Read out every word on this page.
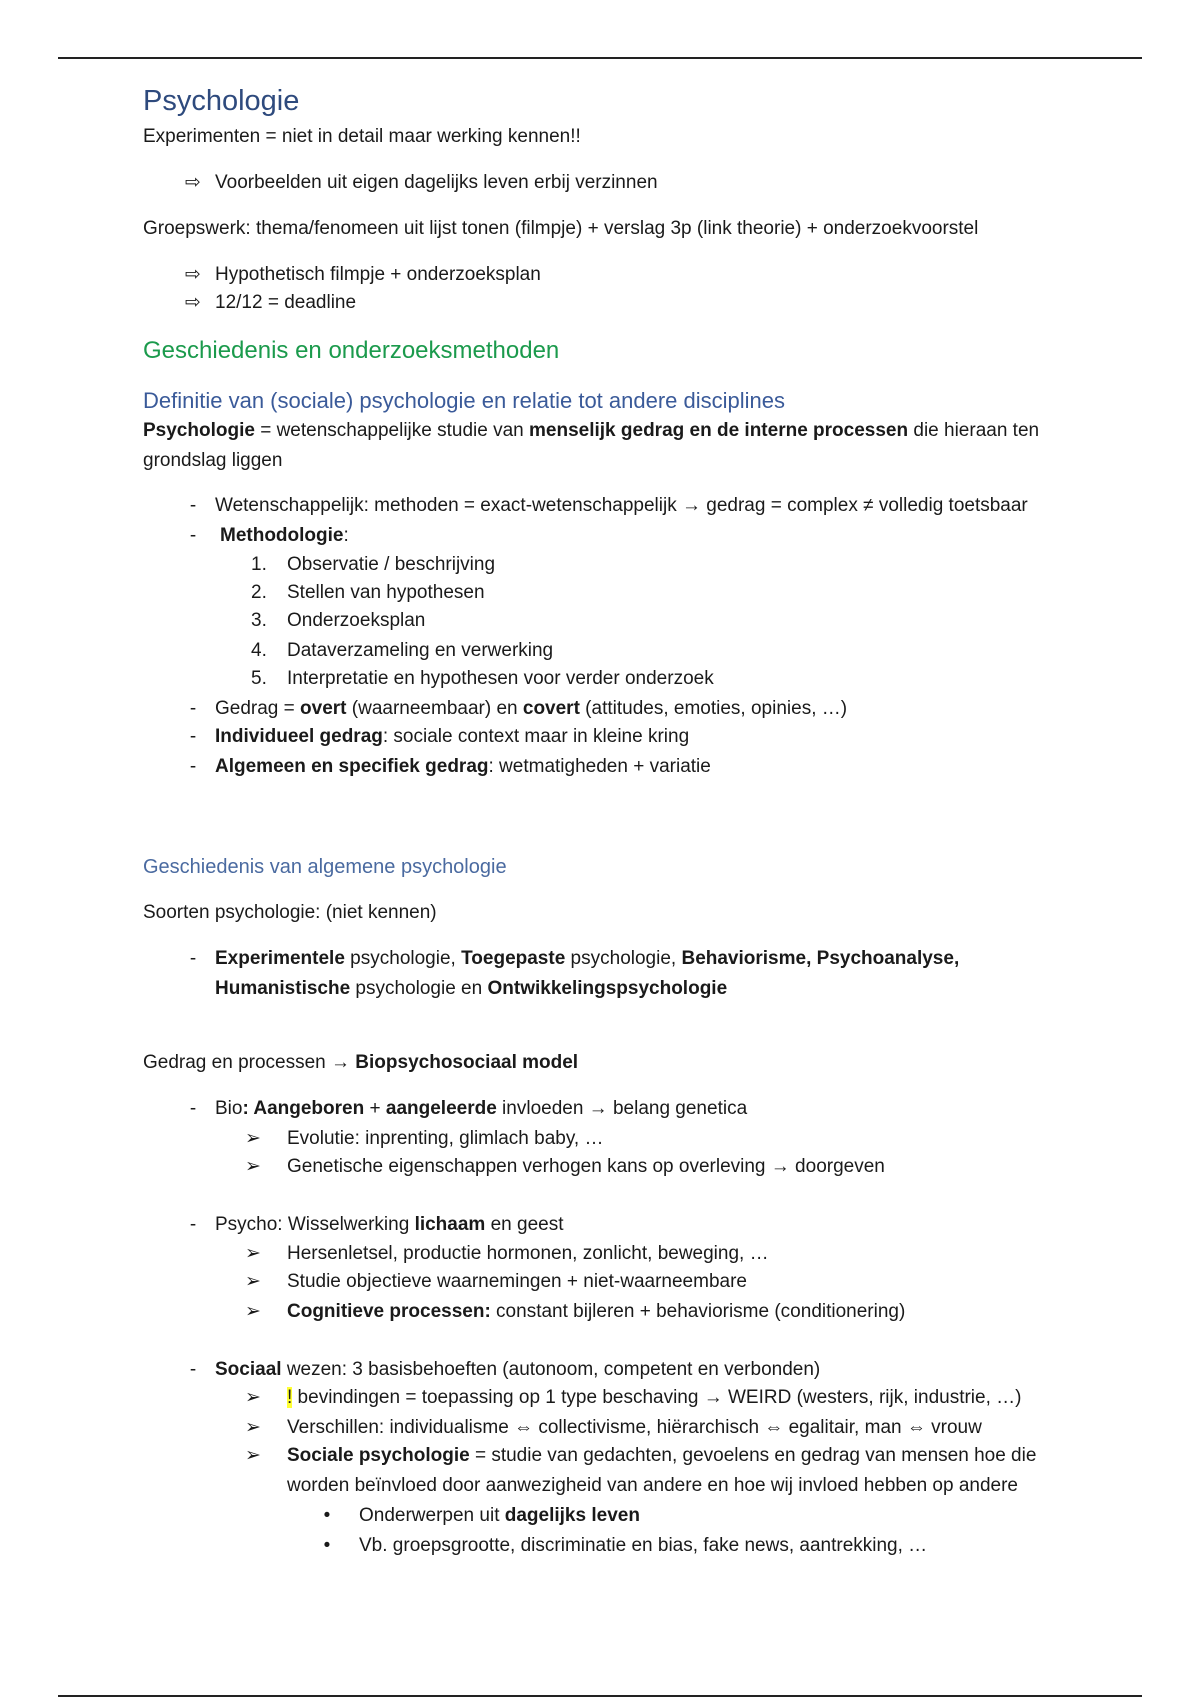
Psychologie
Experimenten = niet in detail maar werking kennen!!
⇨ Voorbeelden uit eigen dagelijks leven erbij verzinnen
Groepswerk: thema/fenomeen uit lijst tonen (filmpje) + verslag 3p (link theorie) + onderzoekvoorstel
⇨ Hypothetisch filmpje + onderzoeksplan
⇨ 12/12 = deadline
Geschiedenis en onderzoeksmethoden
Definitie van (sociale) psychologie en relatie tot andere disciplines
Psychologie = wetenschappelijke studie van menselijk gedrag en de interne processen die hieraan ten
grondslag liggen
- Wetenschappelijk: methoden = exact-wetenschappelijk → gedrag = complex ≠ volledig toetsbaar
-	Methodologie:
1. Observatie / beschrijving
2. Stellen van hypothesen
3. Onderzoeksplan
4. Dataverzameling en verwerking
5. Interpretatie en hypothesen voor verder onderzoek
- Gedrag = overt (waarneembaar) en covert (attitudes, emoties, opinies, …)
- Individueel gedrag: sociale context maar in kleine kring
- Algemeen en specifiek gedrag: wetmatigheden + variatie
Geschiedenis van algemene psychologie
Soorten psychologie: (niet kennen)
- Experimentele psychologie, Toegepaste psychologie, Behaviorisme, Psychoanalyse,
Humanistische psychologie en Ontwikkelingspsychologie
Gedrag en processen → Biopsychosociaal model
- Bio: Aangeboren + aangeleerde invloeden → belang genetica
➢ Evolutie: inprenting, glimlach baby, …
➢ Genetische eigenschappen verhogen kans op overleving → doorgeven
- Psycho: Wisselwerking lichaam en geest
➢ Hersenletsel, productie hormonen, zonlicht, beweging, …
➢ Studie objectieve waarnemingen + niet-waarneembare
➢ Cognitieve processen: constant bijleren + behaviorisme (conditionering)
- Sociaal wezen: 3 basisbehoeften (autonoom, competent en verbonden)
➢ ! bevindingen = toepassing op 1 type beschaving → WEIRD (westers, rijk, industrie, …)
➢ Verschillen: individualisme ⇔ collectivisme, hiërarchisch ⇔ egalitair, man ⇔ vrouw
➢ Sociale psychologie = studie van gedachten, gevoelens en gedrag van mensen hoe die
worden beïnvloed door aanwezigheid van andere en hoe wij invloed hebben op andere
• Onderwerpen uit dagelijks leven
• Vb. groepsgrootte, discriminatie en bias, fake news, aantrekking, …
